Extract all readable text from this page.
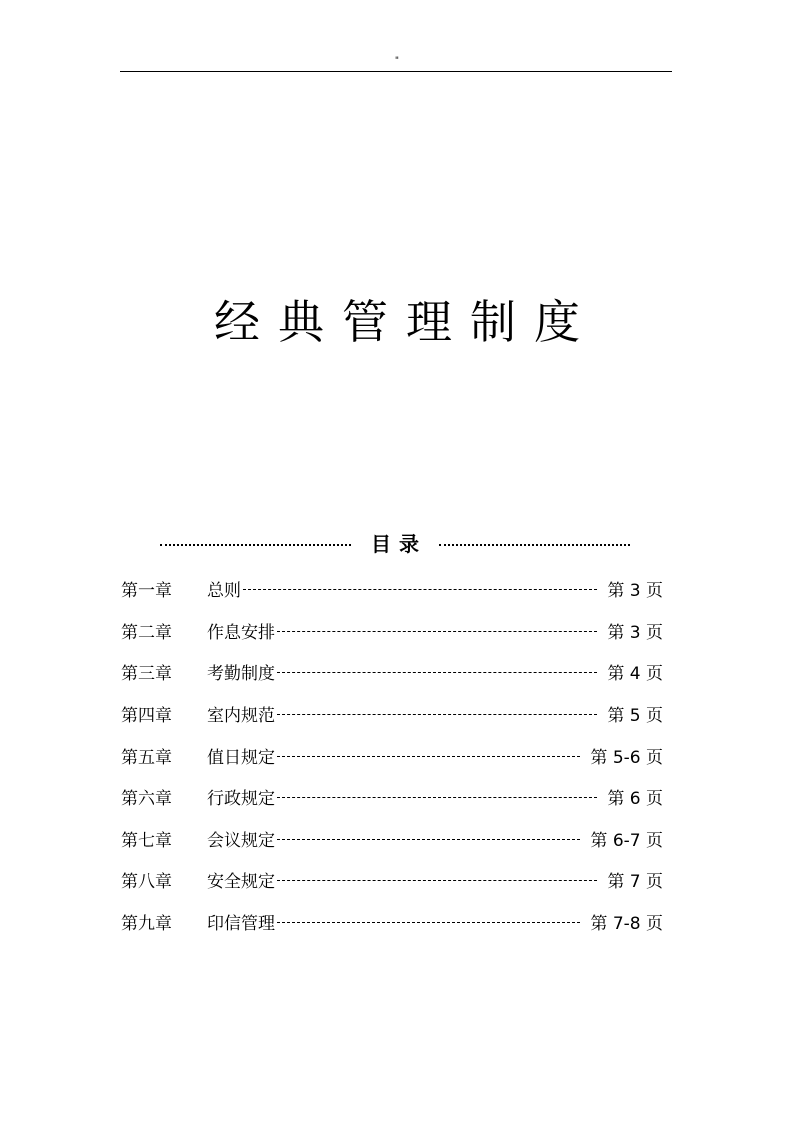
"
经典管理制度
目录
第一章	总则	第 3 页
第二章	作息安排	第 3 页
第三章	考勤制度	第 4 页
第四章	室内规范	第 5 页
第五章	值日规定	第 5-6 页
第六章	行政规定	第 6 页
第七章	会议规定	第 6-7 页
第八章	安全规定	第 7 页
第九章	印信管理	第 7-8 页
